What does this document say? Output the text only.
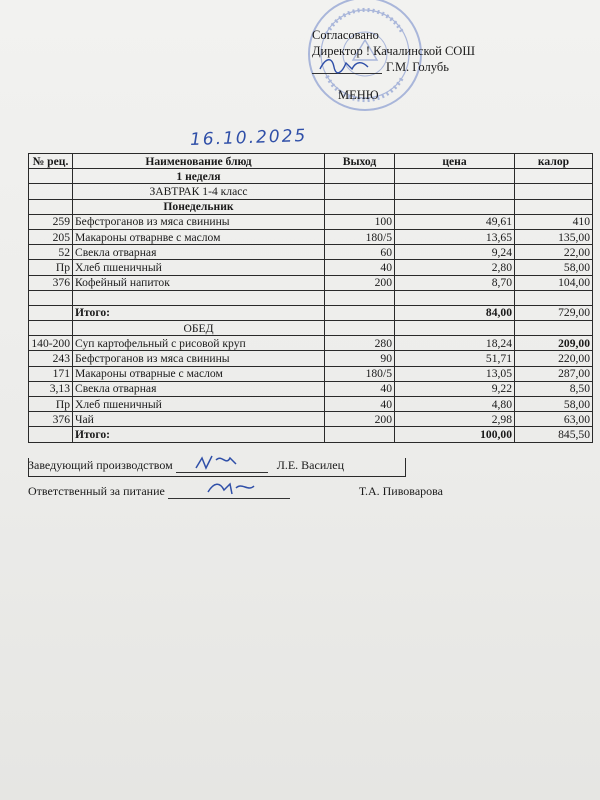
Согласовано
Директор ! Качалинской СОШ
Г.М. Голубь
МЕНЮ
16.10.2025
№ рец.	Наименование блюд	Выход	цена	калор
	1 неделя			
	ЗАВТРАК 1-4 класс			
	Понедельник			
259	Бефстроганов из мяса свинины	100	49,61	410
205	Макароны отварнве с маслом	180/5	13,65	135,00
52	Свекла отварная	60	9,24	22,00
Пр	Хлеб пшеничный	40	2,80	58,00
376	Кофейный напиток	200	8,70	104,00

	Итого:		84,00	729,00
	ОБЕД			
140-200	Суп картофельный с рисовой круп	280	18,24	209,00
243	Бефстроганов из мяса свинины	90	51,71	220,00
171	Макароны отварные с маслом	180/5	13,05	287,00
3,13	Свекла отварная	40	9,22	8,50
Пр	Хлеб пшеничный	40	4,80	58,00
376	Чай	200	2,98	63,00
	Итого:		100,00	845,50
Заведующий производством	Л.Е. Василец
Ответственный за питание	Т.А. Пивоварова
